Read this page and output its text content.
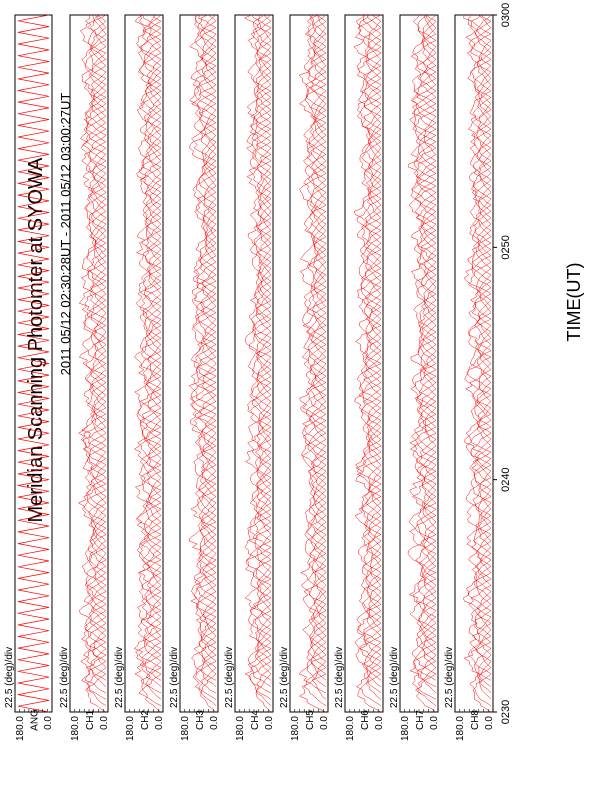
Meridian Scanning Photomter at SYOWA 2011 05/12 02:30:28UT - 2011 05/12 03:00:27UT	TIME(UT)
180.0 0.0
ANG
22.5 (deg)/div
180.0 0.0
CH1
22.5 (deg)/div
180.0 0.0
CH2
22.5 (deg)/div
180.0 0.0
CH3
22.5 (deg)/div
180.0 0.0
CH4
22.5 (deg)/div
180.0 0.0
CH5
22.5 (deg)/div
180.0 0.0
CH6
22.5 (deg)/div
180.0 0.0
CH7
22.5 (deg)/div
180.0 0.0
CH8
22.5 (deg)/div
0230
0240
0250
0300
